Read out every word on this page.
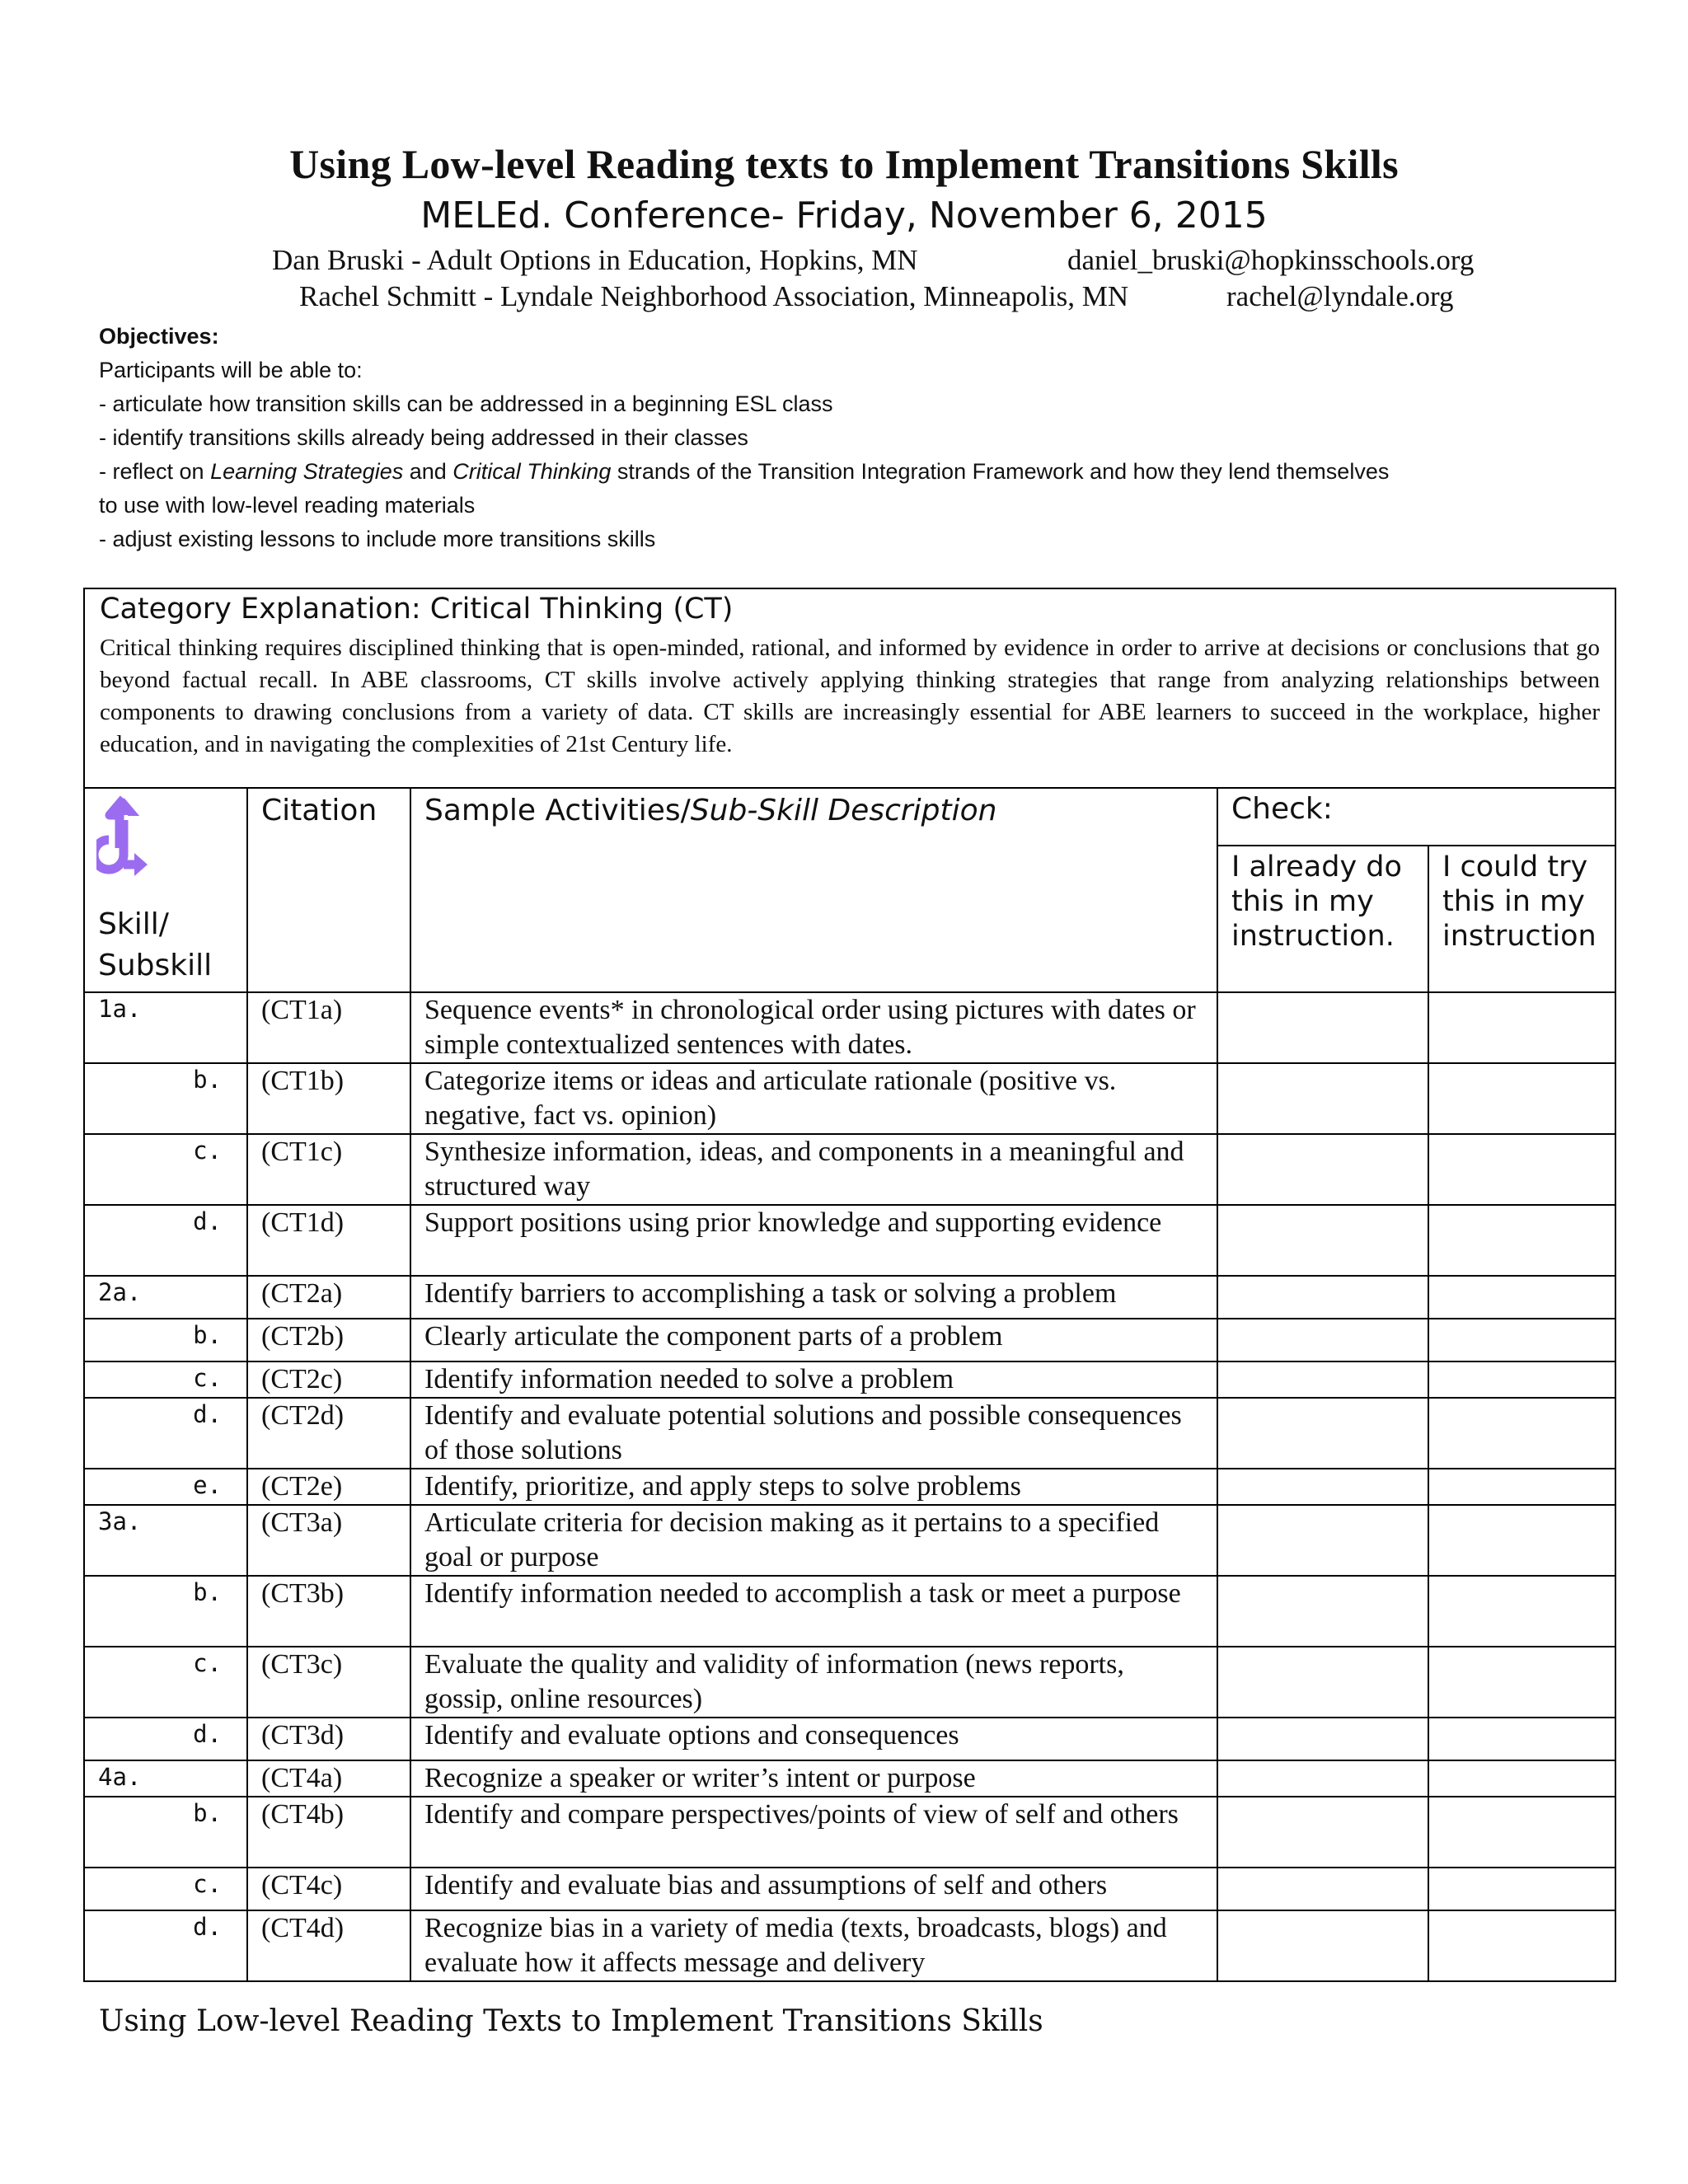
Using Low-level Reading texts to Implement Transitions Skills
MELEd. Conference- Friday, November 6, 2015
Dan Bruski - Adult Options in Education, Hopkins, MN	daniel_bruski@hopkinsschools.org
Rachel Schmitt - Lyndale Neighborhood Association, Minneapolis, MN	rachel@lyndale.org
Objectives:
Participants will be able to:
- articulate how transition skills can be addressed in a beginning ESL class
- identify transitions skills already being addressed in their classes
- reflect on Learning Strategies and Critical Thinking strands of the Transition Integration Framework and how they lend themselves
to use with low-level reading materials
- adjust existing lessons to include more transitions skills
Category Explanation: Critical Thinking (CT)
Critical thinking requires disciplined thinking that is open-minded, rational, and informed by evidence in order to arrive at decisions or conclusions that go beyond factual recall. In ABE classrooms, CT skills involve actively applying thinking strategies that range from analyzing relationships between components to drawing conclusions from a variety of data. CT skills are increasingly essential for ABE learners to succeed in the workplace, higher education, and in navigating the complexities of 21st Century life.				

Skill/
Subskill	Citation	Sample Activities/Sub-Skill Description	Check:	
			I already do this in my instruction.	I could try this in my instruction
1a.	(CT1a)	Sequence events* in chronological order using pictures with dates or simple contextualized sentences with dates.		
b.	(CT1b)	Categorize items or ideas and articulate rationale (positive vs. negative, fact vs. opinion)		
c.	(CT1c)	Synthesize information, ideas, and components in a meaningful and structured way		
d.	(CT1d)	Support positions using prior knowledge and supporting evidence		
2a.	(CT2a)	Identify barriers to accomplishing a task or solving a problem		
b.	(CT2b)	Clearly articulate the component parts of a problem		
c.	(CT2c)	Identify information needed to solve a problem		
d.	(CT2d)	Identify and evaluate potential solutions and possible consequences of those solutions		
e.	(CT2e)	Identify, prioritize, and apply steps to solve problems		
3a.	(CT3a)	Articulate criteria for decision making as it pertains to a specified goal or purpose		
b.	(CT3b)	Identify information needed to accomplish a task or meet a purpose		
c.	(CT3c)	Evaluate the quality and validity of information (news reports, gossip, online resources)		
d.	(CT3d)	Identify and evaluate options and consequences		
4a.	(CT4a)	Recognize a speaker or writer’s intent or purpose		
b.	(CT4b)	Identify and compare perspectives/points of view of self and others		
c.	(CT4c)	Identify and evaluate bias and assumptions of self and others		
d.	(CT4d)	Recognize bias in a variety of media (texts, broadcasts, blogs) and evaluate how it affects message and delivery		
Using Low-level Reading Texts to Implement Transitions Skills
